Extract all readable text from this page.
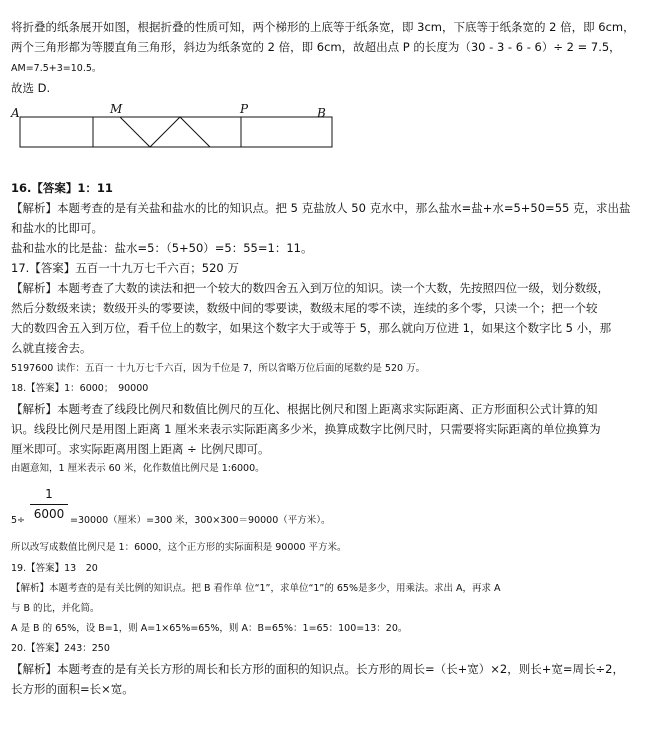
将折叠的纸条展开如图，根据折叠的性质可知，两个梯形的上底等于纸条宽，即 3cm，下底等于纸条宽的 2 倍，即 6cm，
两个三角形都为等腰直角三角形，斜边为纸条宽的 2 倍，即 6cm，故超出点 P 的长度为（30 - 3 - 6 - 6）÷ 2 = 7.5，
AM=7.5+3=10.5。
故选 D.
A	M	P	B
16.【答案】1：11
【解析】本题考查的是有关盐和盐水的比的知识点。把 5 克盐放人 50 克水中，那么盐水=盐+水=5+50=55 克，求出盐
和盐水的比即可。
盐和盐水的比是盐：盐水=5：（5+50）=5：55=1：11。
17.【答案】五百一十九万七千六百；520 万
【解析】本题考查了大数的读法和把一个较大的数四舍五入到万位的知识。读一个大数，先按照四位一级，划分数级，
然后分数级来读；数级开头的零要读，数级中间的零要读，数级末尾的零不读，连续的多个零，只读一个；把一个较
大的数四舍五入到万位，看千位上的数字，如果这个数字大于或等于 5，那么就向万位进 1，如果这个数字比 5 小，那
么就直接舍去。
5197600 读作：五百一 十九万七千六百，因为千位是 7，所以省略万位后面的尾数约是 520 万。
18.【答案】1：6000；　90000
【解析】本题考查了线段比例尺和数值比例尺的互化、根据比例尺和图上距离求实际距离、正方形面积公式计算的知
识。线段比例尺是用图上距离 1 厘米来表示实际距离多少米，换算成数字比例尺时，只需要将实际距离的单位换算为
厘米即可。求实际距离用图上距离 ÷ 比例尺即可。
由题意知，1 厘米表示 60 米，化作数值比例尺是 1:6000。
5÷
1
6000 =30000（厘米）=300 米，300×300＝90000（平方米）。
所以改写成数值比例尺是 1：6000，这个正方形的实际面积是 90000 平方米。
19.【答案】13　20
【解析】本题考查的是有关比例的知识点。把 B 看作单 位“1”，求单位“1”的 65%是多少，用乘法。求出 A，再求 A
与 B 的比，并化简。
A 是 B 的 65%，设 B=1，则 A=1×65%=65%，则 A：B=65%：1=65：100=13：20。
20.【答案】243：250
【解析】本题考查的是有关长方形的周长和长方形的面积的知识点。长方形的周长=（长+宽）×2，则长+宽=周长÷2，
长方形的面积=长×宽。
